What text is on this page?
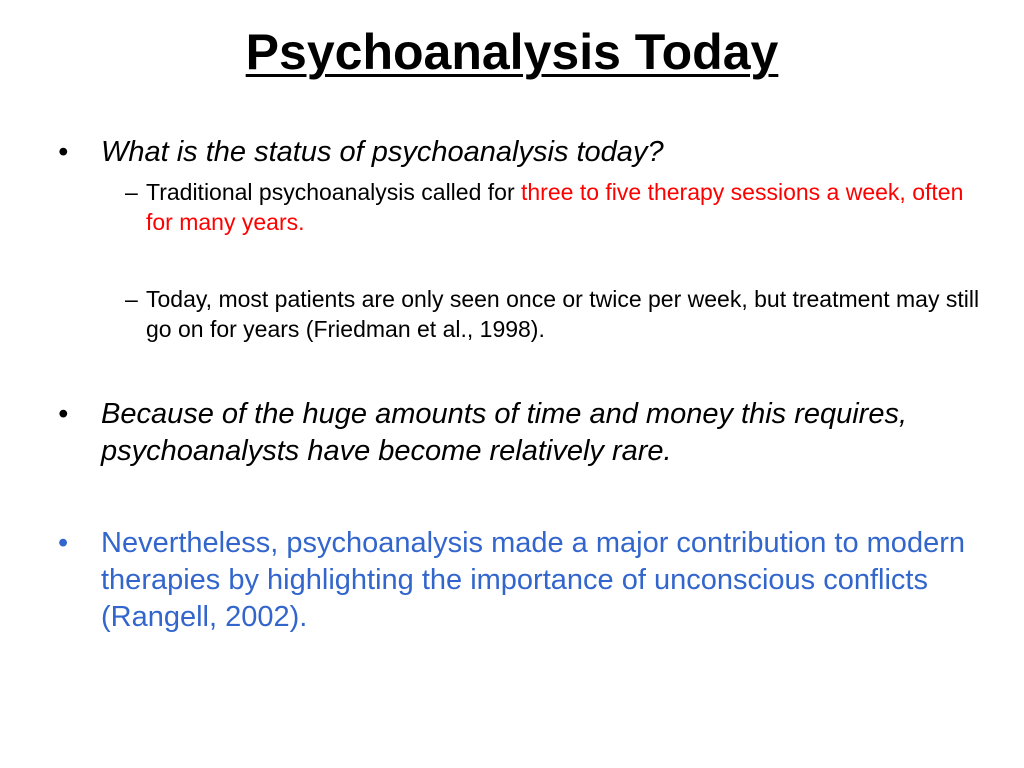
Psychoanalysis Today
• What is the status of psychoanalysis today?
– Traditional psychoanalysis called for three to five therapy sessions a week, often for many years.
– Today, most patients are only seen once or twice per week, but treatment may still go on for years (Friedman et al., 1998).
• Because of the huge amounts of time and money this requires, psychoanalysts have become relatively rare.
• Nevertheless, psychoanalysis made a major contribution to modern therapies by highlighting the importance of unconscious conflicts (Rangell, 2002).
